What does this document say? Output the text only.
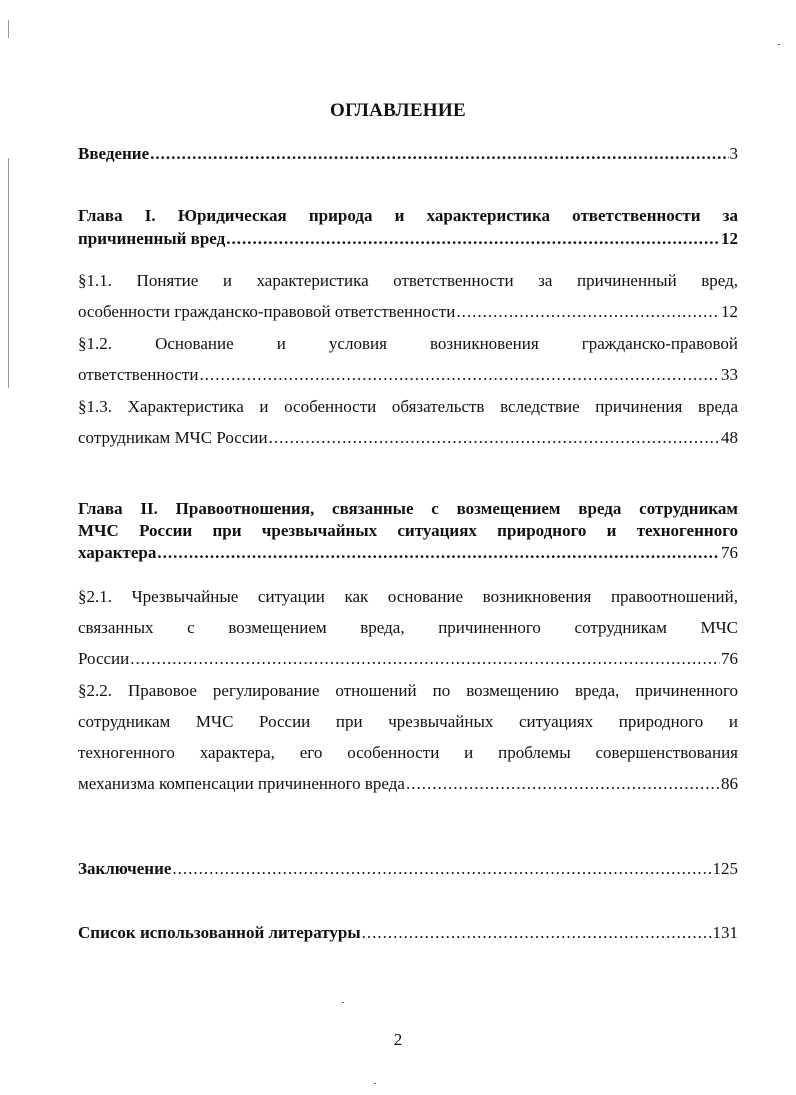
ОГЛАВЛЕНИЕ
Введение .....	3
Глава I. Юридическая природа и характеристика ответственности за
причиненный вред .....	12
§1.1. Понятие и характеристика ответственности за причиненный вред,
особенности гражданско-правовой ответственности .....	12
§1.2. Основание и условия возникновения гражданско-правовой
ответственности .....	33
§1.3. Характеристика и особенности обязательств вследствие причинения вреда
сотрудникам МЧС России .....	48
Глава II. Правоотношения, связанные с возмещением вреда сотрудникам
МЧС России при чрезвычайных ситуациях природного и техногенного
характера .....	76
§2.1. Чрезвычайные ситуации как основание возникновения правоотношений,
связанных с возмещением вреда, причиненного сотрудникам МЧС
России .....	76
§2.2. Правовое регулирование отношений по возмещению вреда, причиненного
сотрудникам МЧС России при чрезвычайных ситуациях природного и
техногенного характера, его особенности и проблемы совершенствования
механизма компенсации причиненного вреда .....	86
Заключение .....	125
Список использованной литературы .....	131
2
